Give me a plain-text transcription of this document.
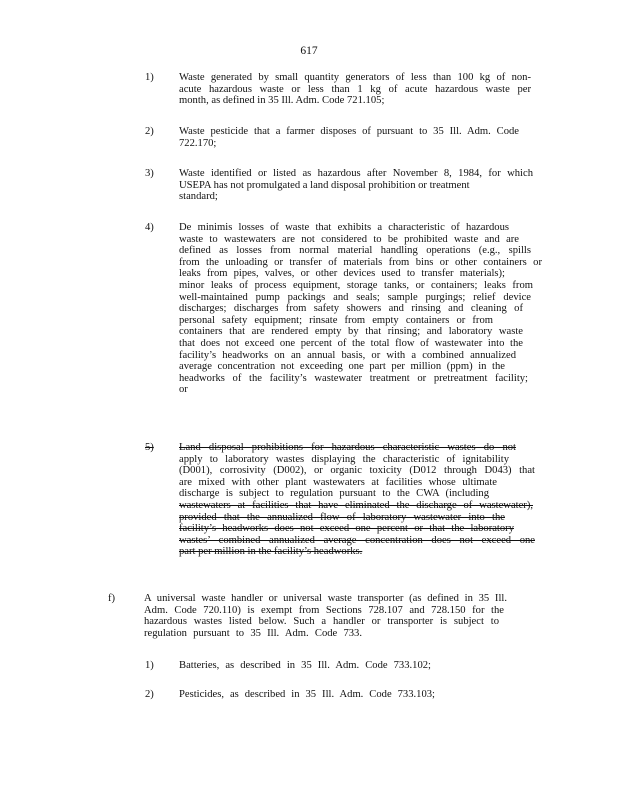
617
1) Waste generated by small quantity generators of less than 100 kg of non-
acute hazardous waste or less than 1 kg of acute hazardous waste per
month, as defined in 35 Ill. Adm. Code 721.105;
2) Waste pesticide that a farmer disposes of pursuant to 35 Ill. Adm. Code
722.170;
3) Waste identified or listed as hazardous after November 8, 1984, for which
USEPA has not promulgated a land disposal prohibition or treatment
standard;
4) De minimis losses of waste that exhibits a characteristic of hazardous
waste to wastewaters are not considered to be prohibited waste and are
defined as losses from normal material handling operations (e.g., spills
from the unloading or transfer of materials from bins or other containers or
leaks from pipes, valves, or other devices used to transfer materials);
minor leaks of process equipment, storage tanks, or containers; leaks from
well-maintained pump packings and seals; sample purgings; relief device
discharges; discharges from safety showers and rinsing and cleaning of
personal safety equipment; rinsate from empty containers or from
containers that are rendered empty by that rinsing; and laboratory waste
that does not exceed one percent of the total flow of wastewater into the
facility’s headworks on an annual basis, or with a combined annualized
average concentration not exceeding one part per million (ppm) in the
headworks of the facility’s wastewater treatment or pretreatment facility;
or
5) Land disposal prohibitions for hazardous characteristic wastes do not
apply to laboratory wastes displaying the characteristic of ignitability
(D001), corrosivity (D002), or organic toxicity (D012 through D043) that
are mixed with other plant wastewaters at facilities whose ultimate
discharge is subject to regulation pursuant to the CWA (including
wastewaters at facilities that have eliminated the discharge of wastewater),
provided that the annualized flow of laboratory wastewater into the
facility’s headworks does not exceed one percent or that the laboratory
wastes’ combined annualized average concentration does not exceed one
part per million in the facility’s headworks.
f)	A universal waste handler or universal waste transporter (as defined in 35 Ill.
Adm. Code 720.110) is exempt from Sections 728.107 and 728.150 for the
hazardous wastes listed below. Such a handler or transporter is subject to
regulation pursuant to 35 Ill. Adm. Code 733.
1) Batteries, as described in 35 Ill. Adm. Code 733.102;
2) Pesticides, as described in 35 Ill. Adm. Code 733.103;
